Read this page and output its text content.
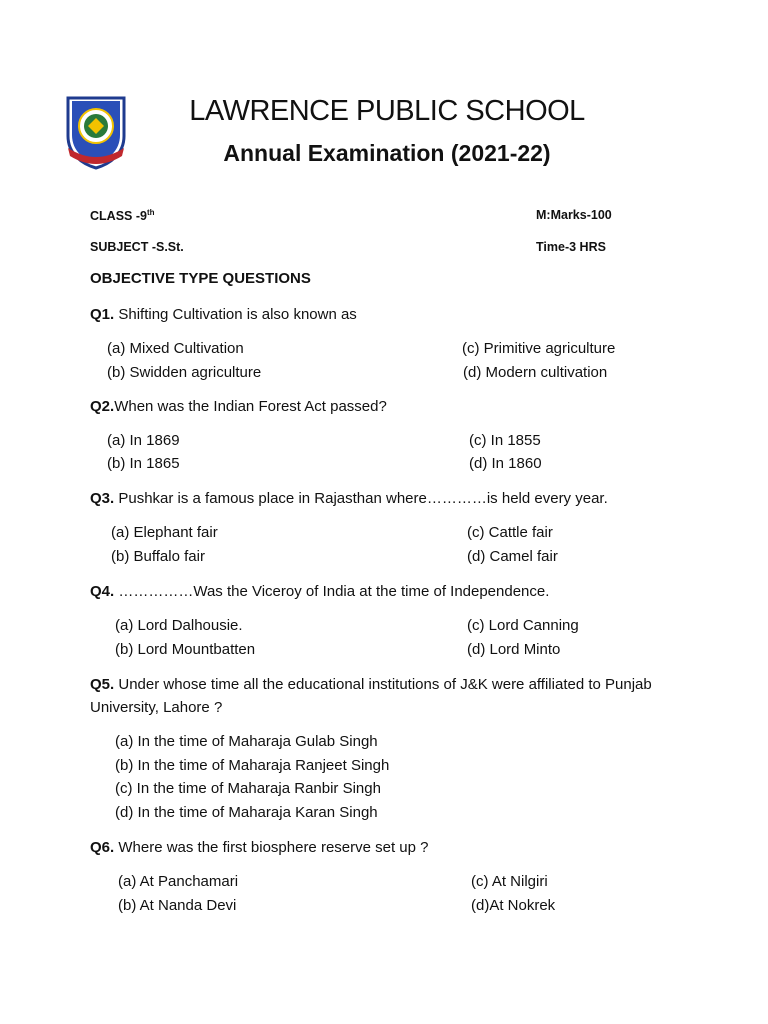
LAWRENCE PUBLIC SCHOOL
Annual Examination (2021-22)
CLASS -9th	M:Marks-100
SUBJECT -S.St.	Time-3 HRS
OBJECTIVE TYPE QUESTIONS
Q1. Shifting Cultivation is also known as
(a) Mixed Cultivation
(b) Swidden agriculture
(c) Primitive agriculture
(d) Modern cultivation
Q2.When was the Indian Forest Act passed?
(a) In 1869
(b) In 1865
(c) In 1855
(d) In 1860
Q3. Pushkar is a famous place in Rajasthan where…………is held every year.
(a) Elephant fair
(b) Buffalo fair
(c) Cattle fair
(d) Camel fair
Q4. ……………Was the Viceroy of India at the time of Independence.
(a) Lord Dalhousie.
(b) Lord Mountbatten
(c) Lord Canning
(d) Lord Minto
Q5. Under whose time all the educational institutions of J&K were affiliated to Punjab University, Lahore ?
(a) In the time of Maharaja Gulab Singh
(b) In the time of Maharaja Ranjeet Singh
(c) In the time of Maharaja Ranbir Singh
(d) In the time of Maharaja Karan Singh
Q6. Where was the first biosphere reserve set up ?
(a) At Panchamari
(b) At Nanda Devi
(c) At Nilgiri
(d)At Nokrek
